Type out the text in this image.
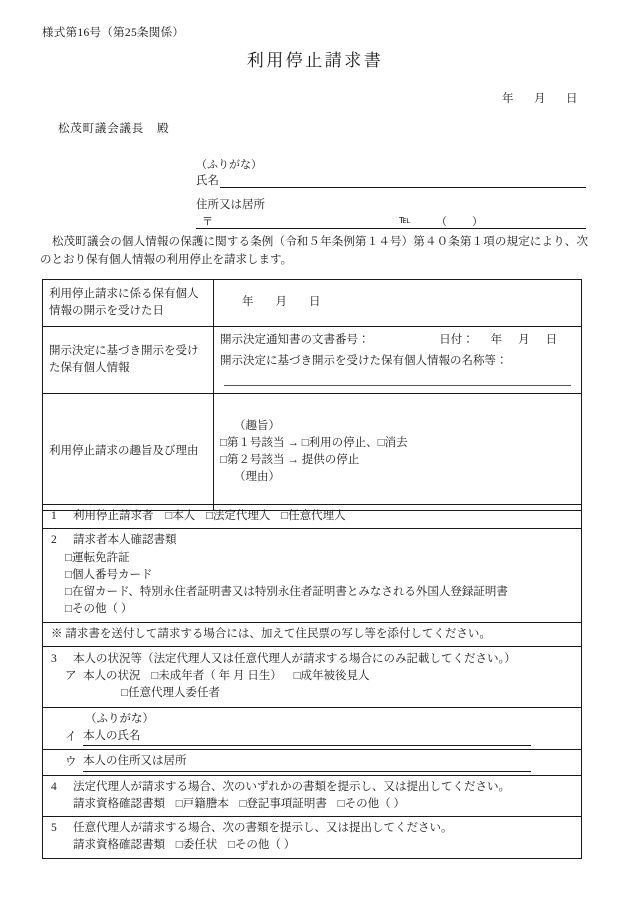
様式第16号（第25条関係）
利用停止請求書
年 月 日
松茂町議会議長 殿
（ふりがな）
氏名
住所又は居所
〒	℡ （　）
松茂町議会の個人情報の保護に関する条例（令和５年条例第１４号）第４０条第１項の規定により、次のとおり保有個人情報の利用停止を請求します。
利用停止請求に係る保有個人情報の開示を受けた日	年 月 日
開示決定に基づき開示を受けた保有個人情報	開示決定通知書の文書番号： 日付： 年 月 日
開示決定に基づき開示を受けた保有個人情報の名称等：

利用停止請求の趣旨及び理由	（趣旨）
□第１号該当 → □利用の停止、□消去
□第２号該当 → 提供の停止
（理由）
1 利用停止請求者 □本人 □法定代理人 □任意代理人

2 請求者本人確認書類
□運転免許証
□個人番号カード
□在留カード、特別永住者証明書又は特別永住者証明書とみなされる外国人登録証明書
□その他（ ）

※ 請求書を送付して請求する場合には、加えて住民票の写し等を添付してください。

3 本人の状況等（法定代理人又は任意代理人が請求する場合にのみ記載してください。）
ア 本人の状況 □未成年者（ 年 月 日生） □成年被後見人
□任意代理人委任者

（ふりがな）
イ 本人の氏名

ウ 本人の住所又は居所

4 法定代理人が請求する場合、次のいずれかの書類を提示し、又は提出してください。
請求資格確認書類 □戸籍謄本 □登記事項証明書 □その他（ ）

5 任意代理人が請求する場合、次の書類を提示し、又は提出してください。
請求資格確認書類 □委任状 □その他（ ）
